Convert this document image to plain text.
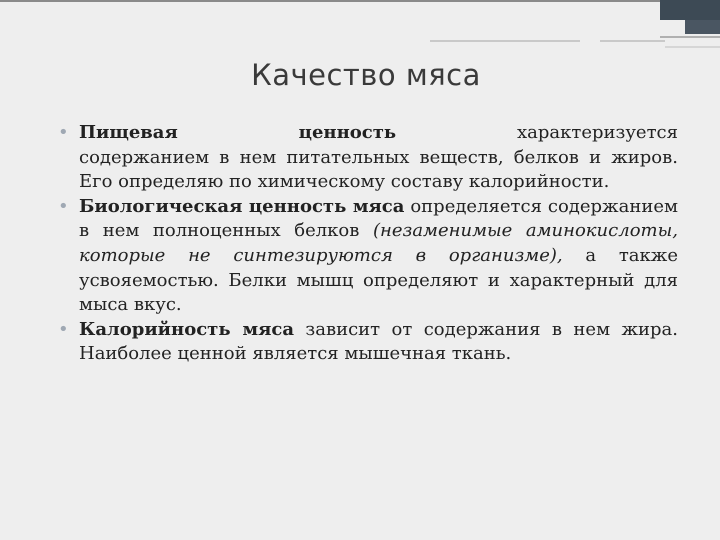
Качество мяса
• Пищевая	ценность	характеризуется
содержанием в нем питательных веществ, белков и жиров. Его определяю по химическому составу калорийности.
• Биологическая ценность мяса определяется содержанием в нем полноценных белков (незаменимые аминокислоты, которые не синтезируются в организме), а также усвояемостью. Белки мышц определяют и характерный для мыса вкус.
• Калорийность мяса зависит от содержания в нем жира. Наиболее ценной является мышечная ткань.
